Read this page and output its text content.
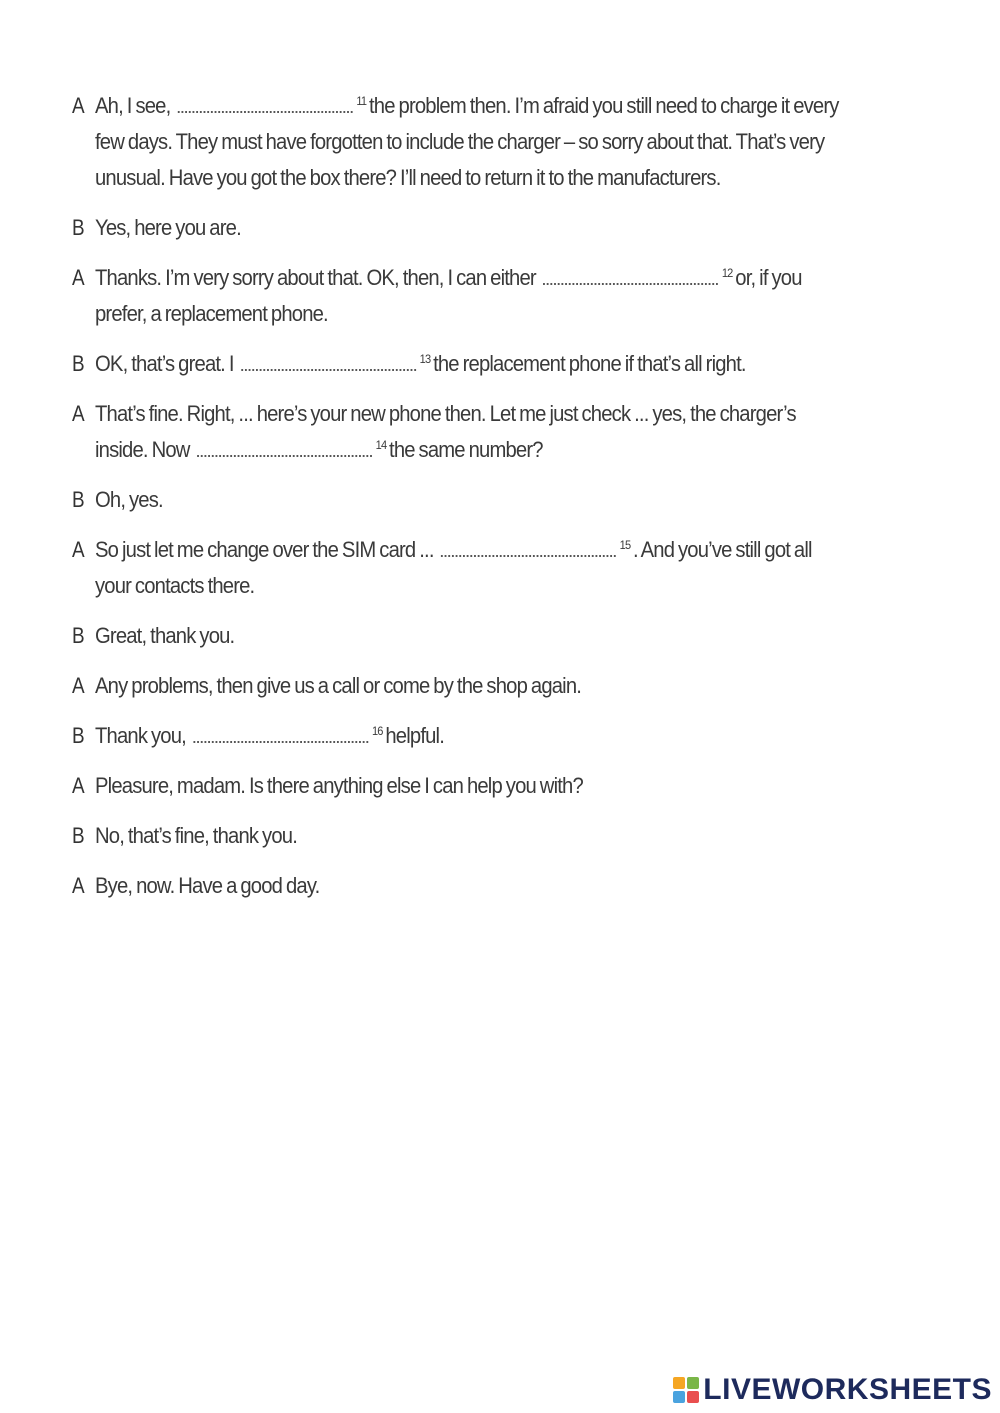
A Ah, I see,	$^{11}$ the problem then. I’m afraid you still need to charge it every few days. They must have forgotten to include the charger – so sorry about that. That’s very unusual. Have you got the box there? I’ll need to return it to the manufacturers.
B Yes, here you are.
A Thanks. I’m very sorry about that. OK, then, I can either	$^{12}$ or, if you prefer, a replacement phone.
B OK, that’s great. I	$^{13}$ the replacement phone if that’s all right.
A That’s fine. Right, ... here’s your new phone then. Let me just check ... yes, the charger’s inside. Now	$^{14}$ the same number?
B Oh, yes.
A So just let me change over the SIM card ...	$^{15}$ . And you’ve still got all your contacts there.
B Great, thank you.
A Any problems, then give us a call or come by the shop again.
B Thank you,	$^{16}$ helpful.
A Pleasure, madam. Is there anything else I can help you with?
B No, that’s fine, thank you.
A Bye, now. Have a good day.
LIVEWORKSHEETS
